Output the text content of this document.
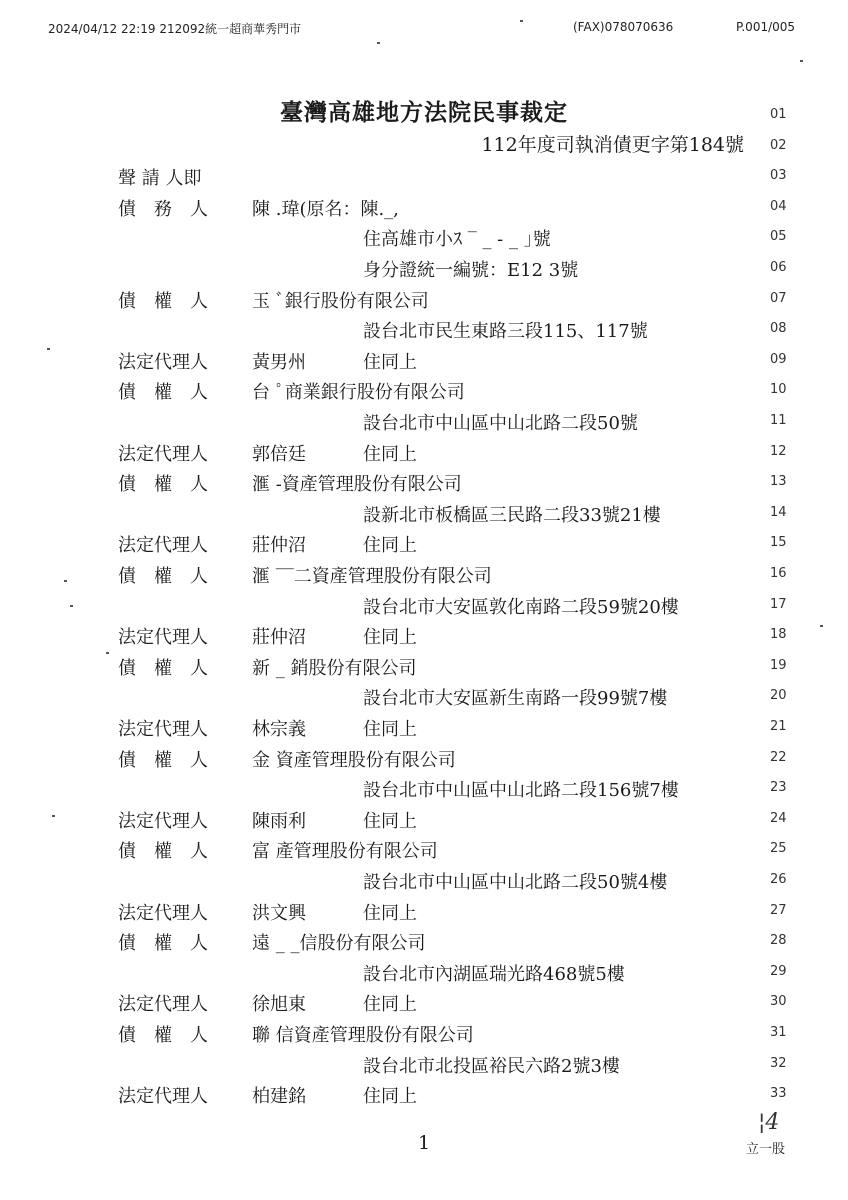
2024/04/12 22:19 212092統一超商華秀門市	(FAX)078070636	P.001/005
臺灣高雄地方法院民事裁定
112年度司執消債更字第184號
01
02
聲 請 人即	03
債　務　人 陳 .瑋(原名：陳._,	04
住高雄市小ｽ ‾ _ - _ ｣號	05
身分證統一編號：E12 3號	06
債　權　人 玉 ﾞ銀行股份有限公司	07
設台北市民生東路三段115、117號	08
法定代理人 黃男州	住同上	09
債　權　人 台 ﾟ商業銀行股份有限公司	10
設台北市中山區中山北路二段50號	11
法定代理人 郭倍廷	住同上	12
債　權　人 滙 -資產管理股份有限公司	13
設新北市板橋區三民路二段33號21樓	14
法定代理人 莊仲沼	住同上	15
債　權　人 滙 ‾‾二資產管理股份有限公司	16
設台北市大安區敦化南路二段59號20樓	17
法定代理人 莊仲沼	住同上	18
債　權　人 新 _ 銷股份有限公司	19
設台北市大安區新生南路一段99號7樓	20
法定代理人 林宗義	住同上	21
債　權　人 金 資產管理股份有限公司	22
設台北市中山區中山北路二段156號7樓	23
法定代理人 陳雨利	住同上	24
債　權　人 富 產管理股份有限公司	25
設台北市中山區中山北路二段50號4樓	26
法定代理人 洪文興	住同上	27
債　權　人 遠 _ _信股份有限公司	28
設台北市內湖區瑞光路468號5樓	29
法定代理人 徐旭東	住同上	30
債　權　人 聯 信資產管理股份有限公司	31
設台北市北投區裕民六路2號3樓	32
法定代理人 柏建銘	住同上	33
1
¦4
立一股
